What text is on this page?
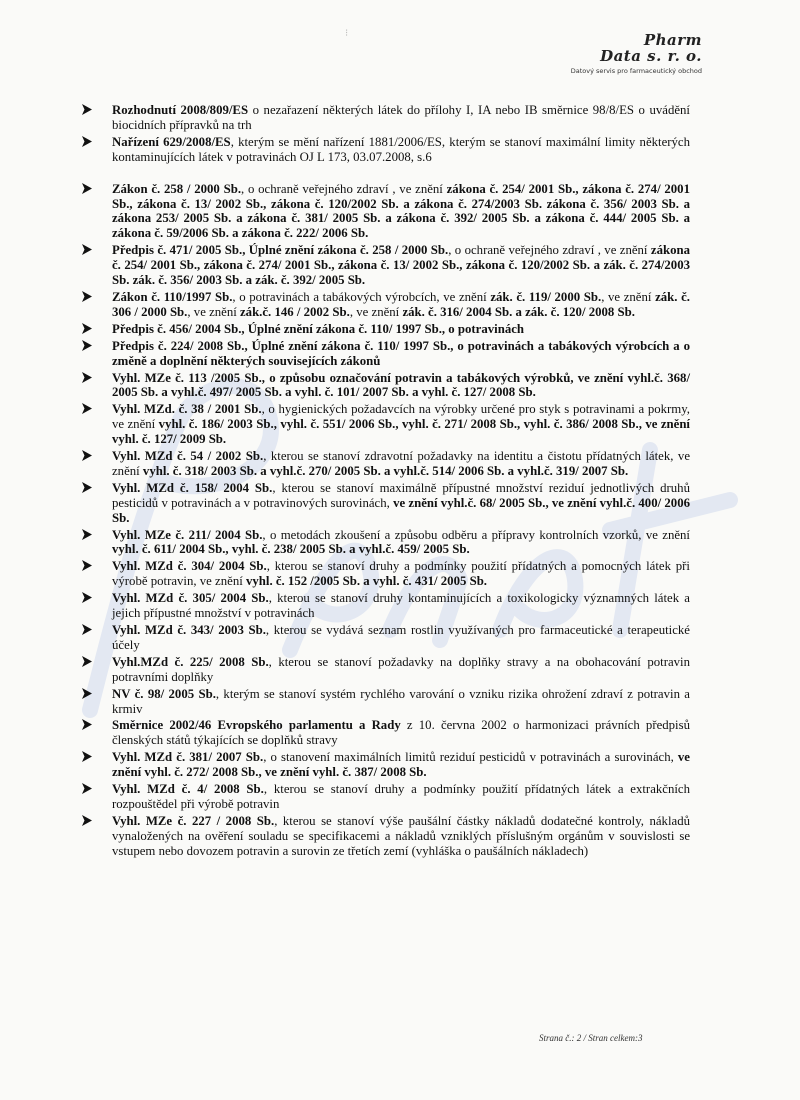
⁝	Pharm
Data s. r. o.
Datový servis pro farmaceutický obchod
Rozhodnutí 2008/809/ES o nezařazení některých látek do přílohy I, IA nebo IB směrnice 98/8/ES o uvádění biocidních přípravků na trh
Nařízení 629/2008/ES, kterým se mění nařízení 1881/2006/ES, kterým se stanoví maximální limity některých kontaminujících látek v potravinách OJ L 173, 03.07.2008, s.6
Zákon č. 258 / 2000 Sb., o ochraně veřejného zdraví , ve znění zákona č. 254/ 2001 Sb., zákona č. 274/ 2001 Sb., zákona č. 13/ 2002 Sb., zákona č. 120/2002 Sb. a zákona č. 274/2003 Sb. zákona č. 356/ 2003 Sb. a zákona 253/ 2005 Sb. a zákona č. 381/ 2005 Sb. a zákona č. 392/ 2005 Sb. a zákona č. 444/ 2005 Sb. a zákona č. 59/2006 Sb. a zákona č. 222/ 2006 Sb.
Předpis č. 471/ 2005 Sb., Úplné znění zákona č. 258 / 2000 Sb., o ochraně veřejného zdraví , ve znění zákona č. 254/ 2001 Sb., zákona č. 274/ 2001 Sb., zákona č. 13/ 2002 Sb., zákona č. 120/2002 Sb. a zák. č. 274/2003 Sb. zák. č. 356/ 2003 Sb. a zák. č. 392/ 2005 Sb.
Zákon č. 110/1997 Sb., o potravinách a tabákových výrobcích, ve znění zák. č. 119/ 2000 Sb., ve znění zák. č. 306 / 2000 Sb., ve znění zák.č. 146 / 2002 Sb., ve znění zák. č. 316/ 2004 Sb. a zák. č. 120/ 2008 Sb.
Předpis č. 456/ 2004 Sb., Úplné znění zákona č. 110/ 1997 Sb., o potravinách
Předpis č. 224/ 2008 Sb., Úplné znění zákona č. 110/ 1997 Sb., o potravinách a tabákových výrobcích a o změně a doplnění některých souvisejících zákonů
Vyhl. MZe č. 113 /2005 Sb., o způsobu označování potravin a tabákových výrobků, ve znění vyhl.č. 368/ 2005 Sb. a vyhl.č. 497/ 2005 Sb. a vyhl. č. 101/ 2007 Sb. a vyhl. č. 127/ 2008 Sb.
Vyhl. MZd. č. 38 / 2001 Sb., o hygienických požadavcích na výrobky určené pro styk s potravinami a pokrmy, ve znění vyhl. č. 186/ 2003 Sb., vyhl. č. 551/ 2006 Sb., vyhl. č. 271/ 2008 Sb., vyhl. č. 386/ 2008 Sb., ve znění vyhl. č. 127/ 2009 Sb.
Vyhl. MZd č. 54 / 2002 Sb., kterou se stanoví zdravotní požadavky na identitu a čistotu přídatných látek, ve znění vyhl. č. 318/ 2003 Sb. a vyhl.č. 270/ 2005 Sb. a vyhl.č. 514/ 2006 Sb. a vyhl.č. 319/ 2007 Sb.
Vyhl. MZd č. 158/ 2004 Sb., kterou se stanoví maximálně přípustné množství reziduí jednotlivých druhů pesticidů v potravinách a v potravinových surovinách, ve znění vyhl.č. 68/ 2005 Sb., ve znění vyhl.č. 400/ 2006 Sb.
Vyhl. MZe č. 211/ 2004 Sb., o metodách zkoušení a způsobu odběru a přípravy kontrolních vzorků, ve znění vyhl. č. 611/ 2004 Sb., vyhl. č. 238/ 2005 Sb. a vyhl.č. 459/ 2005 Sb.
Vyhl. MZd č. 304/ 2004 Sb., kterou se stanoví druhy a podmínky použití přídatných a pomocných látek při výrobě potravin, ve znění vyhl. č. 152 /2005 Sb. a vyhl. č. 431/ 2005 Sb.
Vyhl. MZd č. 305/ 2004 Sb., kterou se stanoví druhy kontaminujících a toxikologicky významných látek a jejich přípustné množství v potravinách
Vyhl. MZd č. 343/ 2003 Sb., kterou se vydává seznam rostlin využívaných pro farmaceutické a terapeutické účely
Vyhl.MZd č. 225/ 2008 Sb., kterou se stanoví požadavky na doplňky stravy a na obohacování potravin potravními doplňky
NV č. 98/ 2005 Sb., kterým se stanoví systém rychlého varování o vzniku rizika ohrožení zdraví z potravin a krmiv
Směrnice 2002/46 Evropského parlamentu a Rady z 10. června 2002 o harmonizaci právních předpisů členských států týkajících se doplňků stravy
Vyhl. MZd č. 381/ 2007 Sb., o stanovení maximálních limitů reziduí pesticidů v potravinách a surovinách, ve znění vyhl. č. 272/ 2008 Sb., ve znění vyhl. č. 387/ 2008 Sb.
Vyhl. MZd č. 4/ 2008 Sb., kterou se stanoví druhy a podmínky použití přídatných látek a extrakčních rozpouštědel při výrobě potravin
Vyhl. MZe č. 227 / 2008 Sb., kterou se stanoví výše paušální částky nákladů dodatečné kontroly, nákladů vynaložených na ověření souladu se specifikacemi a nákladů vzniklých příslušným orgánům v souvislosti se vstupem nebo dovozem potravin a surovin ze třetích zemí (vyhláška o paušálních nákladech)
Strana č.: 2 / Stran celkem:3
